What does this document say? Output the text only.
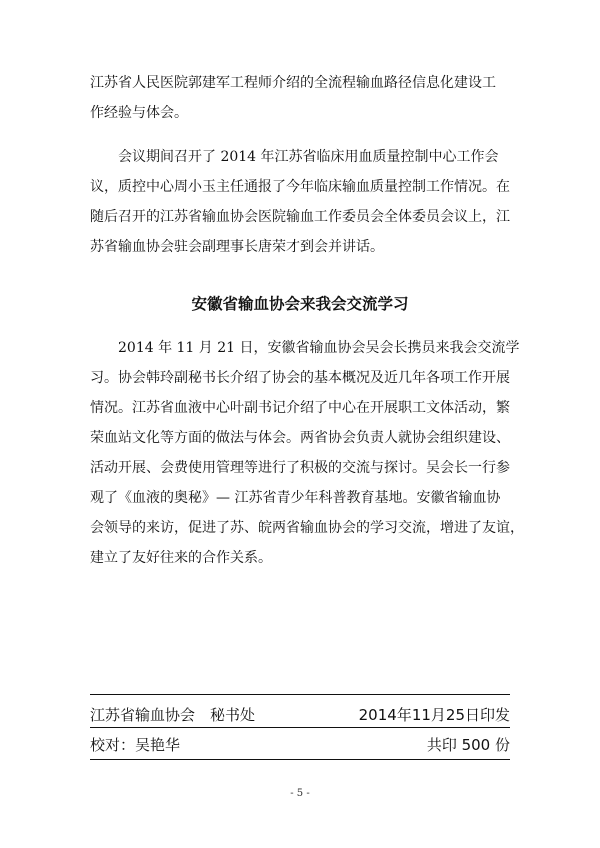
江苏省人民医院郭建军工程师介绍的全流程输血路径信息化建设工
作经验与体会。
会议期间召开了 2014 年江苏省临床用血质量控制中心工作会
议，质控中心周小玉主任通报了今年临床输血质量控制工作情况。在
随后召开的江苏省输血协会医院输血工作委员会全体委员会议上，江
苏省输血协会驻会副理事长唐荣才到会并讲话。
安徽省输血协会来我会交流学习
2014 年 11 月 21 日，安徽省输血协会吴会长携员来我会交流学
习。协会韩玲副秘书长介绍了协会的基本概况及近几年各项工作开展
情况。江苏省血液中心叶副书记介绍了中心在开展职工文体活动，繁
荣血站文化等方面的做法与体会。两省协会负责人就协会组织建设、
活动开展、会费使用管理等进行了积极的交流与探讨。吴会长一行参
观了《血液的奥秘》— 江苏省青少年科普教育基地。安徽省输血协
会领导的来访，促进了苏、皖两省输血协会的学习交流，增进了友谊，
建立了友好往来的合作关系。
江苏省输血协会　秘书处	2014年11月25日印发
校对：吴艳华	共印 500 份
- 5 -
